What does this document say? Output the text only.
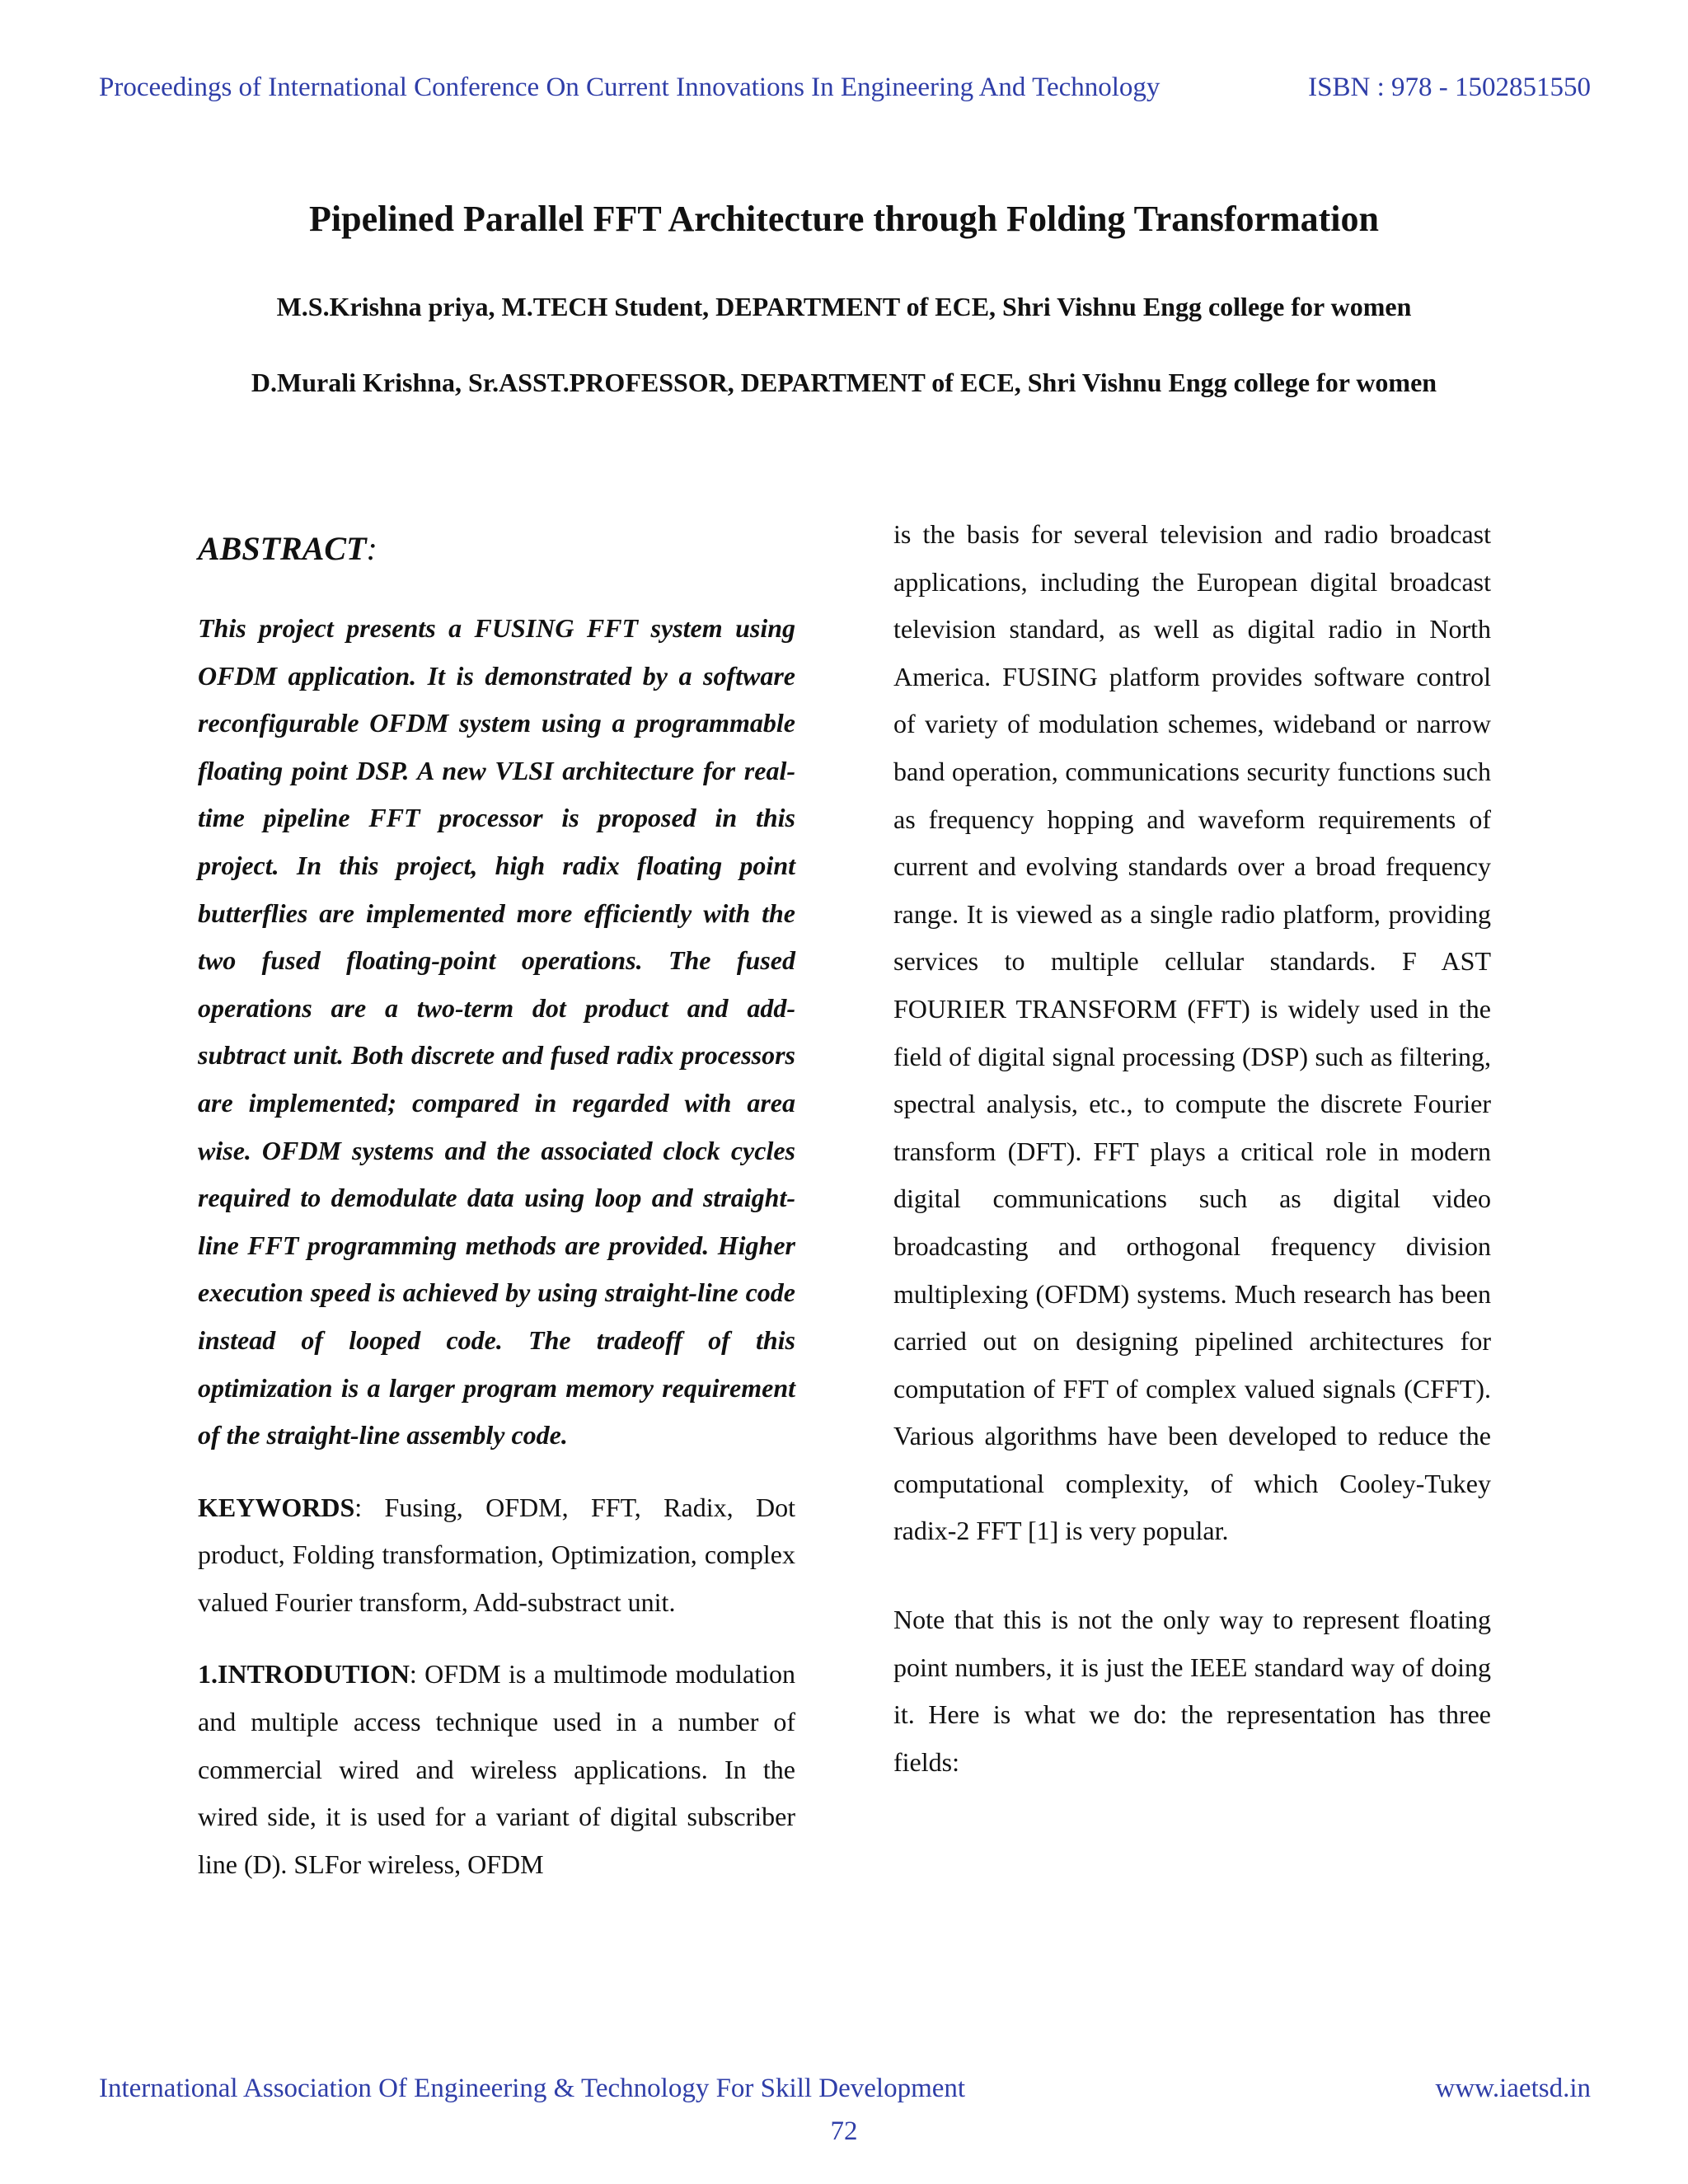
Proceedings of International Conference On Current Innovations In Engineering And Technology	ISBN : 978 - 1502851550
Pipelined Parallel FFT Architecture through Folding Transformation
M.S.Krishna priya, M.TECH Student, DEPARTMENT of ECE, Shri Vishnu Engg college for women
D.Murali Krishna, Sr.ASST.PROFESSOR, DEPARTMENT of ECE, Shri Vishnu Engg college for women
ABSTRACT:

This project presents a FUSING FFT system using OFDM application. It is demonstrated by a software reconfigurable OFDM system using a programmable floating point DSP. A new VLSI architecture for real-time pipeline FFT processor is proposed in this project. In this project, high radix floating point butterflies are implemented more efficiently with the two fused floating-point operations. The fused operations are a two-term dot product and add-subtract unit. Both discrete and fused radix processors are implemented; compared in regarded with area wise. OFDM systems and the associated clock cycles required to demodulate data using loop and straight-line FFT programming methods are provided. Higher execution speed is achieved by using straight-line code instead of looped code. The tradeoff of this optimization is a larger program memory requirement of the straight-line assembly code.

KEYWORDS: Fusing, OFDM, FFT, Radix, Dot product, Folding transformation, Optimization, complex valued Fourier transform, Add-substract unit.

1.INTRODUTION: OFDM is a multimode modulation and multiple access technique used in a number of commercial wired and wireless applications. In the wired side, it is used for a variant of digital subscriber line (D). SLFor wireless, OFDM

is the basis for several television and radio broadcast applications, including the European digital broadcast television standard, as well as digital radio in North America. FUSING platform provides software control of variety of modulation schemes, wideband or narrow band operation, communications security functions such as frequency hopping and waveform requirements of current and evolving standards over a broad frequency range. It is viewed as a single radio platform, providing services to multiple cellular standards. F AST FOURIER TRANSFORM (FFT) is widely used in the field of digital signal processing (DSP) such as filtering, spectral analysis, etc., to compute the discrete Fourier transform (DFT). FFT plays a critical role in modern digital communications such as digital video broadcasting and orthogonal frequency division multiplexing (OFDM) systems. Much research has been carried out on designing pipelined architectures for computation of FFT of complex valued signals (CFFT). Various algorithms have been developed to reduce the computational complexity, of which Cooley-Tukey radix-2 FFT [1] is very popular.

Note that this is not the only way to represent floating point numbers, it is just the IEEE standard way of doing it. Here is what we do: the representation has three fields:

International Association Of Engineering & Technology For Skill Development	www.iaetsd.in
72
